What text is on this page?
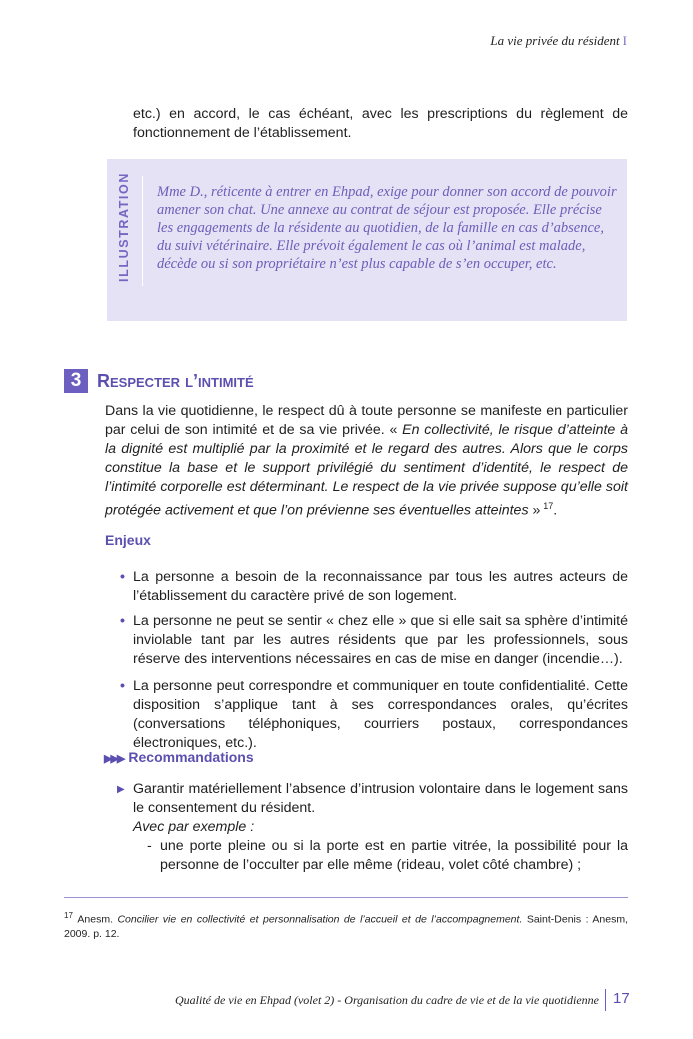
La vie privée du résident I
etc.) en accord, le cas échéant, avec les prescriptions du règlement de fonctionnement de l’établissement.
ILLUSTRATION Mme D., réticente à entrer en Ehpad, exige pour donner son accord de pouvoir amener son chat. Une annexe au contrat de séjour est proposée. Elle précise les engagements de la résidente au quotidien, de la famille en cas d’absence, du suivi vétérinaire. Elle prévoit également le cas où l’animal est malade, décède ou si son propriétaire n’est plus capable de s’en occuper, etc.
3 Respecter l’intimité
Dans la vie quotidienne, le respect dû à toute personne se manifeste en particulier par celui de son intimité et de sa vie privée. « En collectivité, le risque d’atteinte à la dignité est multiplié par la proximité et le regard des autres. Alors que le corps constitue la base et le support privilégié du sentiment d’identité, le respect de l’intimité corporelle est déterminant. Le respect de la vie privée suppose qu’elle soit protégée activement et que l’on prévienne ses éventuelles atteintes »  $^{17}$.
Enjeux
• La personne a besoin de la reconnaissance par tous les autres acteurs de l’établissement du caractère privé de son logement.
• La personne ne peut se sentir « chez elle » que si elle sait sa sphère d’intimité inviolable tant par les autres résidents que par les professionnels, sous réserve des interventions nécessaires en cas de mise en danger (incendie…).
• La personne peut correspondre et communiquer en toute confidentialité. Cette disposition s’applique tant à ses correspondances orales, qu’écrites (conversations téléphoniques, courriers postaux, correspondances électroniques, etc.).
▶▶▶ Recommandations
▶ Garantir matériellement l’absence d’intrusion volontaire dans le logement sans le consentement du résident.
Avec par exemple :
- une porte pleine ou si la porte est en partie vitrée, la possibilité pour la personne de l’occulter par elle même (rideau, volet côté chambre) ;
$^{17}$ Anesm. Concilier vie en collectivité et personnalisation de l’accueil et de l’accompagnement. Saint-Denis : Anesm, 2009. p. 12.
Qualité de vie en Ehpad (volet 2) - Organisation du cadre de vie et de la vie quotidienne 17
